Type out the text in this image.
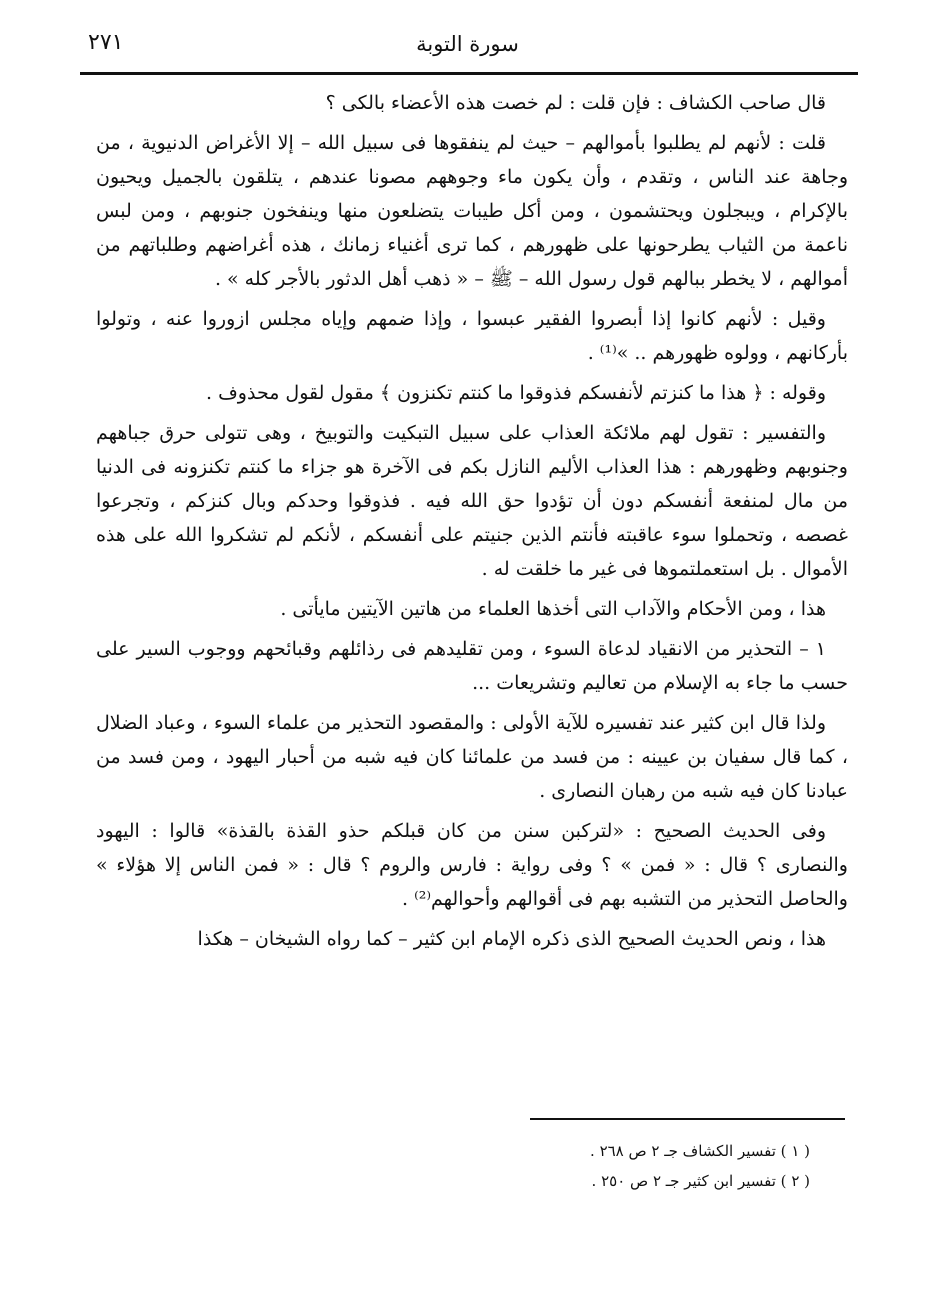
٢٧١	سورة التوبة

قال صاحب الكشاف : فإن قلت : لم خصت هذه الأعضاء بالكى ؟

قلت : لأنهم لم يطلبوا بأموالهم – حيث لم ينفقوها فى سبيل الله – إلا الأغراض الدنيوية ، من وجاهة عند الناس ، وتقدم ، وأن يكون ماء وجوههم مصونا عندهم ، يتلقون بالجميل ويحيون بالإكرام ، ويبجلون ويحتشمون ، ومن أكل طيبات يتضلعون منها وينفخون جنوبهم ، ومن لبس ناعمة من الثياب يطرحونها على ظهورهم ، كما ترى أغنياء زمانك ، هذه أغراضهم وطلباتهم من أموالهم ، لا يخطر ببالهم قول رسول الله – ﷺ – « ذهب أهل الدثور بالأجر كله » .

وقيل : لأنهم كانوا إذا أبصروا الفقير عبسوا ، وإذا ضمهم وإياه مجلس ازوروا عنه ، وتولوا بأركانهم ، وولوه ظهورهم .. »⁽¹⁾ .

وقوله : ﴿ هذا ما كنزتم لأنفسكم فذوقوا ما كنتم تكنزون ﴾ مقول لقول محذوف .

والتفسير : تقول لهم ملائكة العذاب على سبيل التبكيت والتوبيخ ، وهى تتولى حرق جباههم وجنوبهم وظهورهم : هذا العذاب الأليم النازل بكم فى الآخرة هو جزاء ما كنتم تكنزونه فى الدنيا من مال لمنفعة أنفسكم دون أن تؤدوا حق الله فيه . فذوقوا وحدكم وبال كنزكم ، وتجرعوا غصصه ، وتحملوا سوء عاقبته فأنتم الذين جنيتم على أنفسكم ، لأنكم لم تشكروا الله على هذه الأموال . بل استعملتموها فى غير ما خلقت له .

هذا ، ومن الأحكام والآداب التى أخذها العلماء من هاتين الآيتين مايأتى .

١ – التحذير من الانقياد لدعاة السوء ، ومن تقليدهم فى رذائلهم وقبائحهم ووجوب السير على حسب ما جاء به الإسلام من تعاليم وتشريعات ...

ولذا قال ابن كثير عند تفسيره للآية الأولى : والمقصود التحذير من علماء السوء ، وعباد الضلال ، كما قال سفيان بن عيينه : من فسد من علمائنا كان فيه شبه من أحبار اليهود ، ومن فسد من عبادنا كان فيه شبه من رهبان النصارى .

وفى الحديث الصحيح : «لتركبن سنن من كان قبلكم حذو القذة بالقذة» قالوا : اليهود والنصارى ؟ قال : « فمن » ؟ وفى رواية : فارس والروم ؟ قال : « فمن الناس إلا هؤلاء » والحاصل التحذير من التشبه بهم فى أقوالهم وأحوالهم⁽²⁾ .

هذا ، ونص الحديث الصحيح الذى ذكره الإمام ابن كثير – كما رواه الشيخان – هكذا

( ١ ) تفسير الكشاف جـ ٢ ص ٢٦٨ .

( ٢ ) تفسير ابن كثير جـ ٢ ص ٢٥٠ .
